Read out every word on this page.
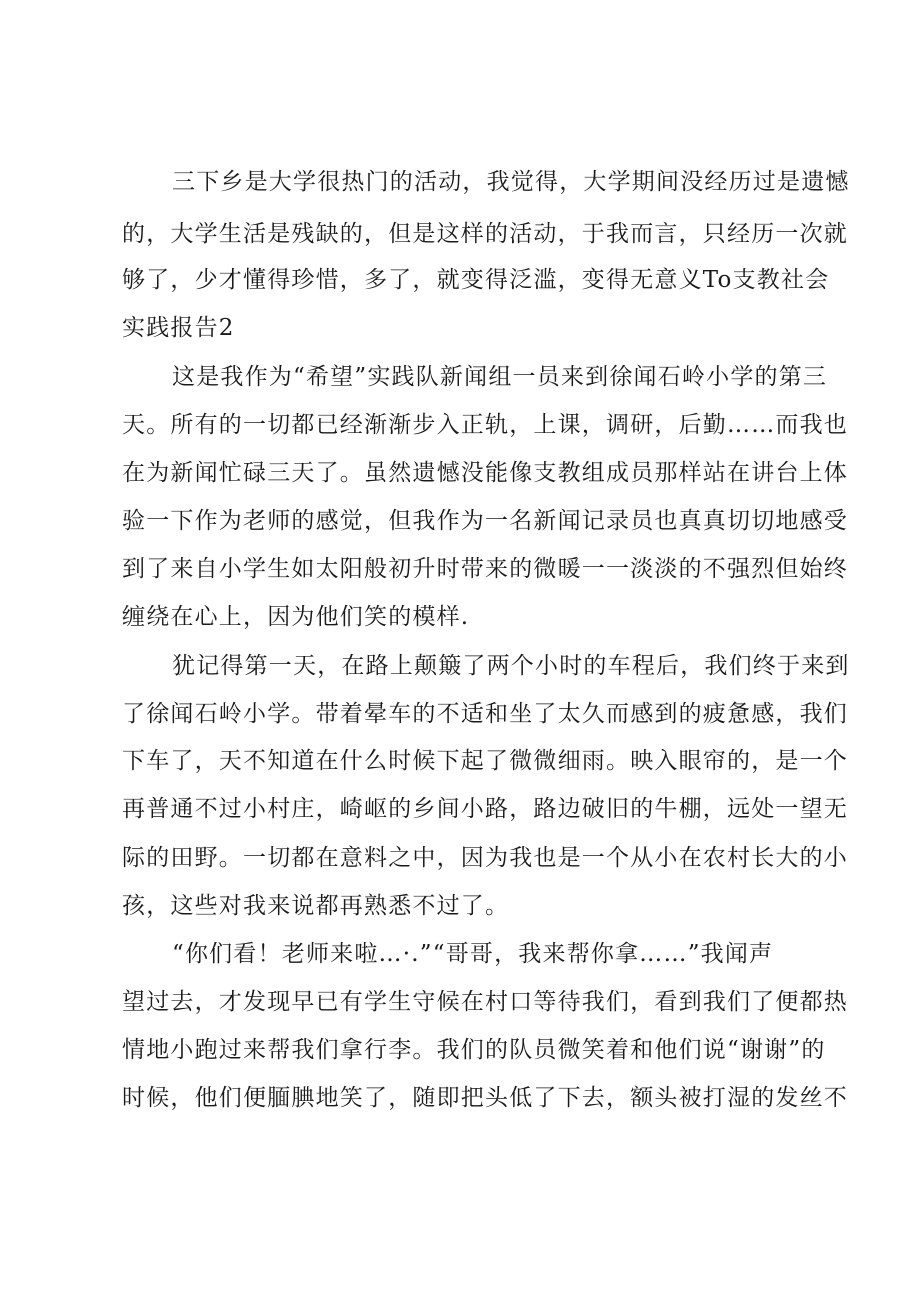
三下乡是大学很热门的活动，我觉得，大学期间没经历过是遗憾
的，大学生活是残缺的，但是这样的活动，于我而言，只经历一次就
够了，少才懂得珍惜，多了，就变得泛滥，变得无意义To支教社会
实践报告2
这是我作为“希望”实践队新闻组一员来到徐闻石岭小学的第三
天。所有的一切都已经渐渐步入正轨，上课，调研，后勤……而我也
在为新闻忙碌三天了。虽然遗憾没能像支教组成员那样站在讲台上体
验一下作为老师的感觉，但我作为一名新闻记录员也真真切切地感受
到了来自小学生如太阳般初升时带来的微暖一一淡淡的不强烈但始终
缠绕在心上，因为他们笑的模样.
犹记得第一天，在路上颠簸了两个小时的车程后，我们终于来到
了徐闻石岭小学。带着晕车的不适和坐了太久而感到的疲惫感，我们
下车了，天不知道在什么时候下起了微微细雨。映入眼帘的，是一个
再普通不过小村庄，崎岖的乡间小路，路边破旧的牛棚，远处一望无
际的田野。一切都在意料之中，因为我也是一个从小在农村长大的小
孩，这些对我来说都再熟悉不过了。
“你们看！老师来啦…·.”“哥哥，我来帮你拿……”我闻声
望过去，才发现早已有学生守候在村口等待我们，看到我们了便都热
情地小跑过来帮我们拿行李。我们的队员微笑着和他们说“谢谢”的
时候，他们便腼腆地笑了，随即把头低了下去，额头被打湿的发丝不
